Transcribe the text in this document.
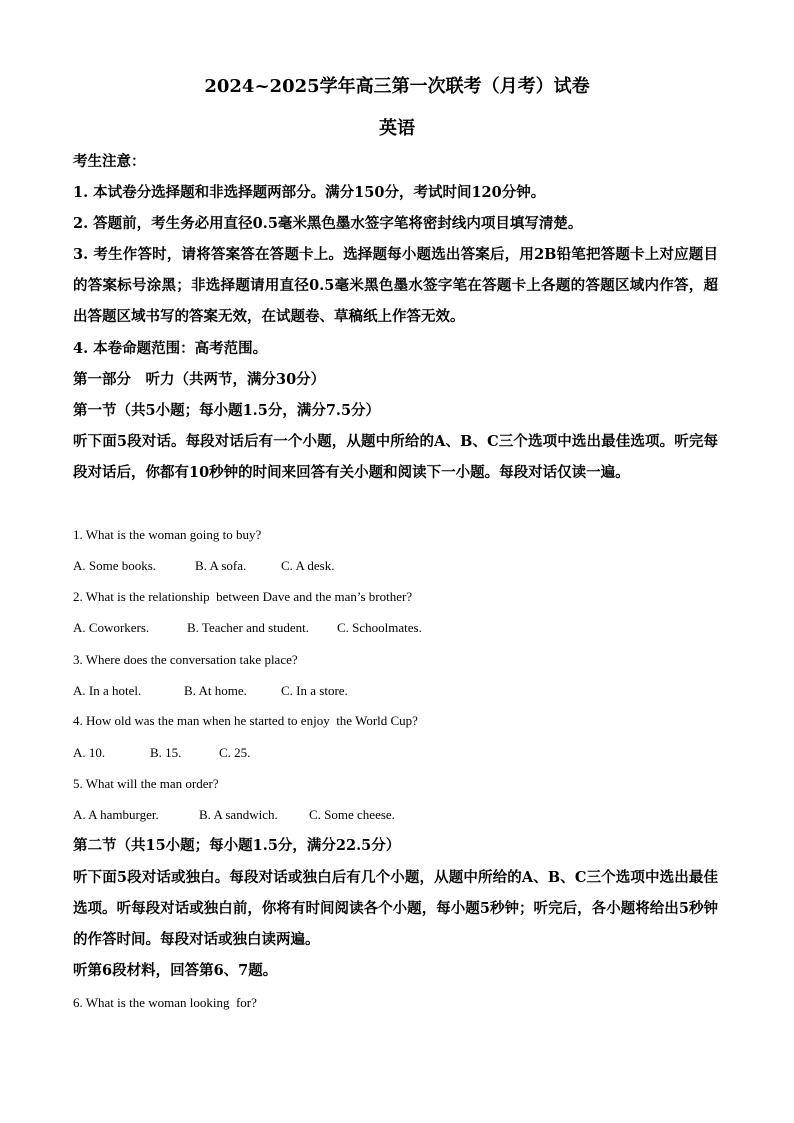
2024~2025学年高三第一次联考（月考）试卷
英语
考生注意：
1. 本试卷分选择题和非选择题两部分。满分150分，考试时间120分钟。
2. 答题前，考生务必用直径0.5毫米黑色墨水签字笔将密封线内项目填写清楚。
3. 考生作答时，请将答案答在答题卡上。选择题每小题选出答案后，用2B铅笔把答题卡上对应题目的答案标号涂黑；非选择题请用直径0.5毫米黑色墨水签字笔在答题卡上各题的答题区域内作答，超出答题区域书写的答案无效，在试题卷、草稿纸上作答无效。
4. 本卷命题范围：高考范围。
第一部分　听力（共两节，满分30分）
第一节（共5小题；每小题1.5分，满分7.5分）
听下面5段对话。每段对话后有一个小题，从题中所给的A、B、C三个选项中选出最佳选项。听完每段对话后，你都有10秒钟的时间来回答有关小题和阅读下一小题。每段对话仅读一遍。
1. What is the woman going to buy?
A. Some books.	B. A sofa.	C. A desk.
2. What is the relationship  between Dave and the man’s brother?
A. Coworkers.	B. Teacher and student. C. Schoolmates.
3. Where does the conversation take place?
A. In a hotel.	B. At home.	C. In a store.
4. How old was the man when he started to enjoy  the World Cup?
A. 10.	B. 15.	C. 25.
5. What will the man order?
A. A hamburger.	B. A sandwich. C. Some cheese.
第二节（共15小题；每小题1.5分，满分22.5分）
听下面5段对话或独白。每段对话或独白后有几个小题，从题中所给的A、B、C三个选项中选出最佳选项。听每段对话或独白前，你将有时间阅读各个小题，每小题5秒钟；听完后，各小题将给出5秒钟的作答时间。每段对话或独白读两遍。
听第6段材料，回答第6、7题。
6. What is the woman looking  for?
